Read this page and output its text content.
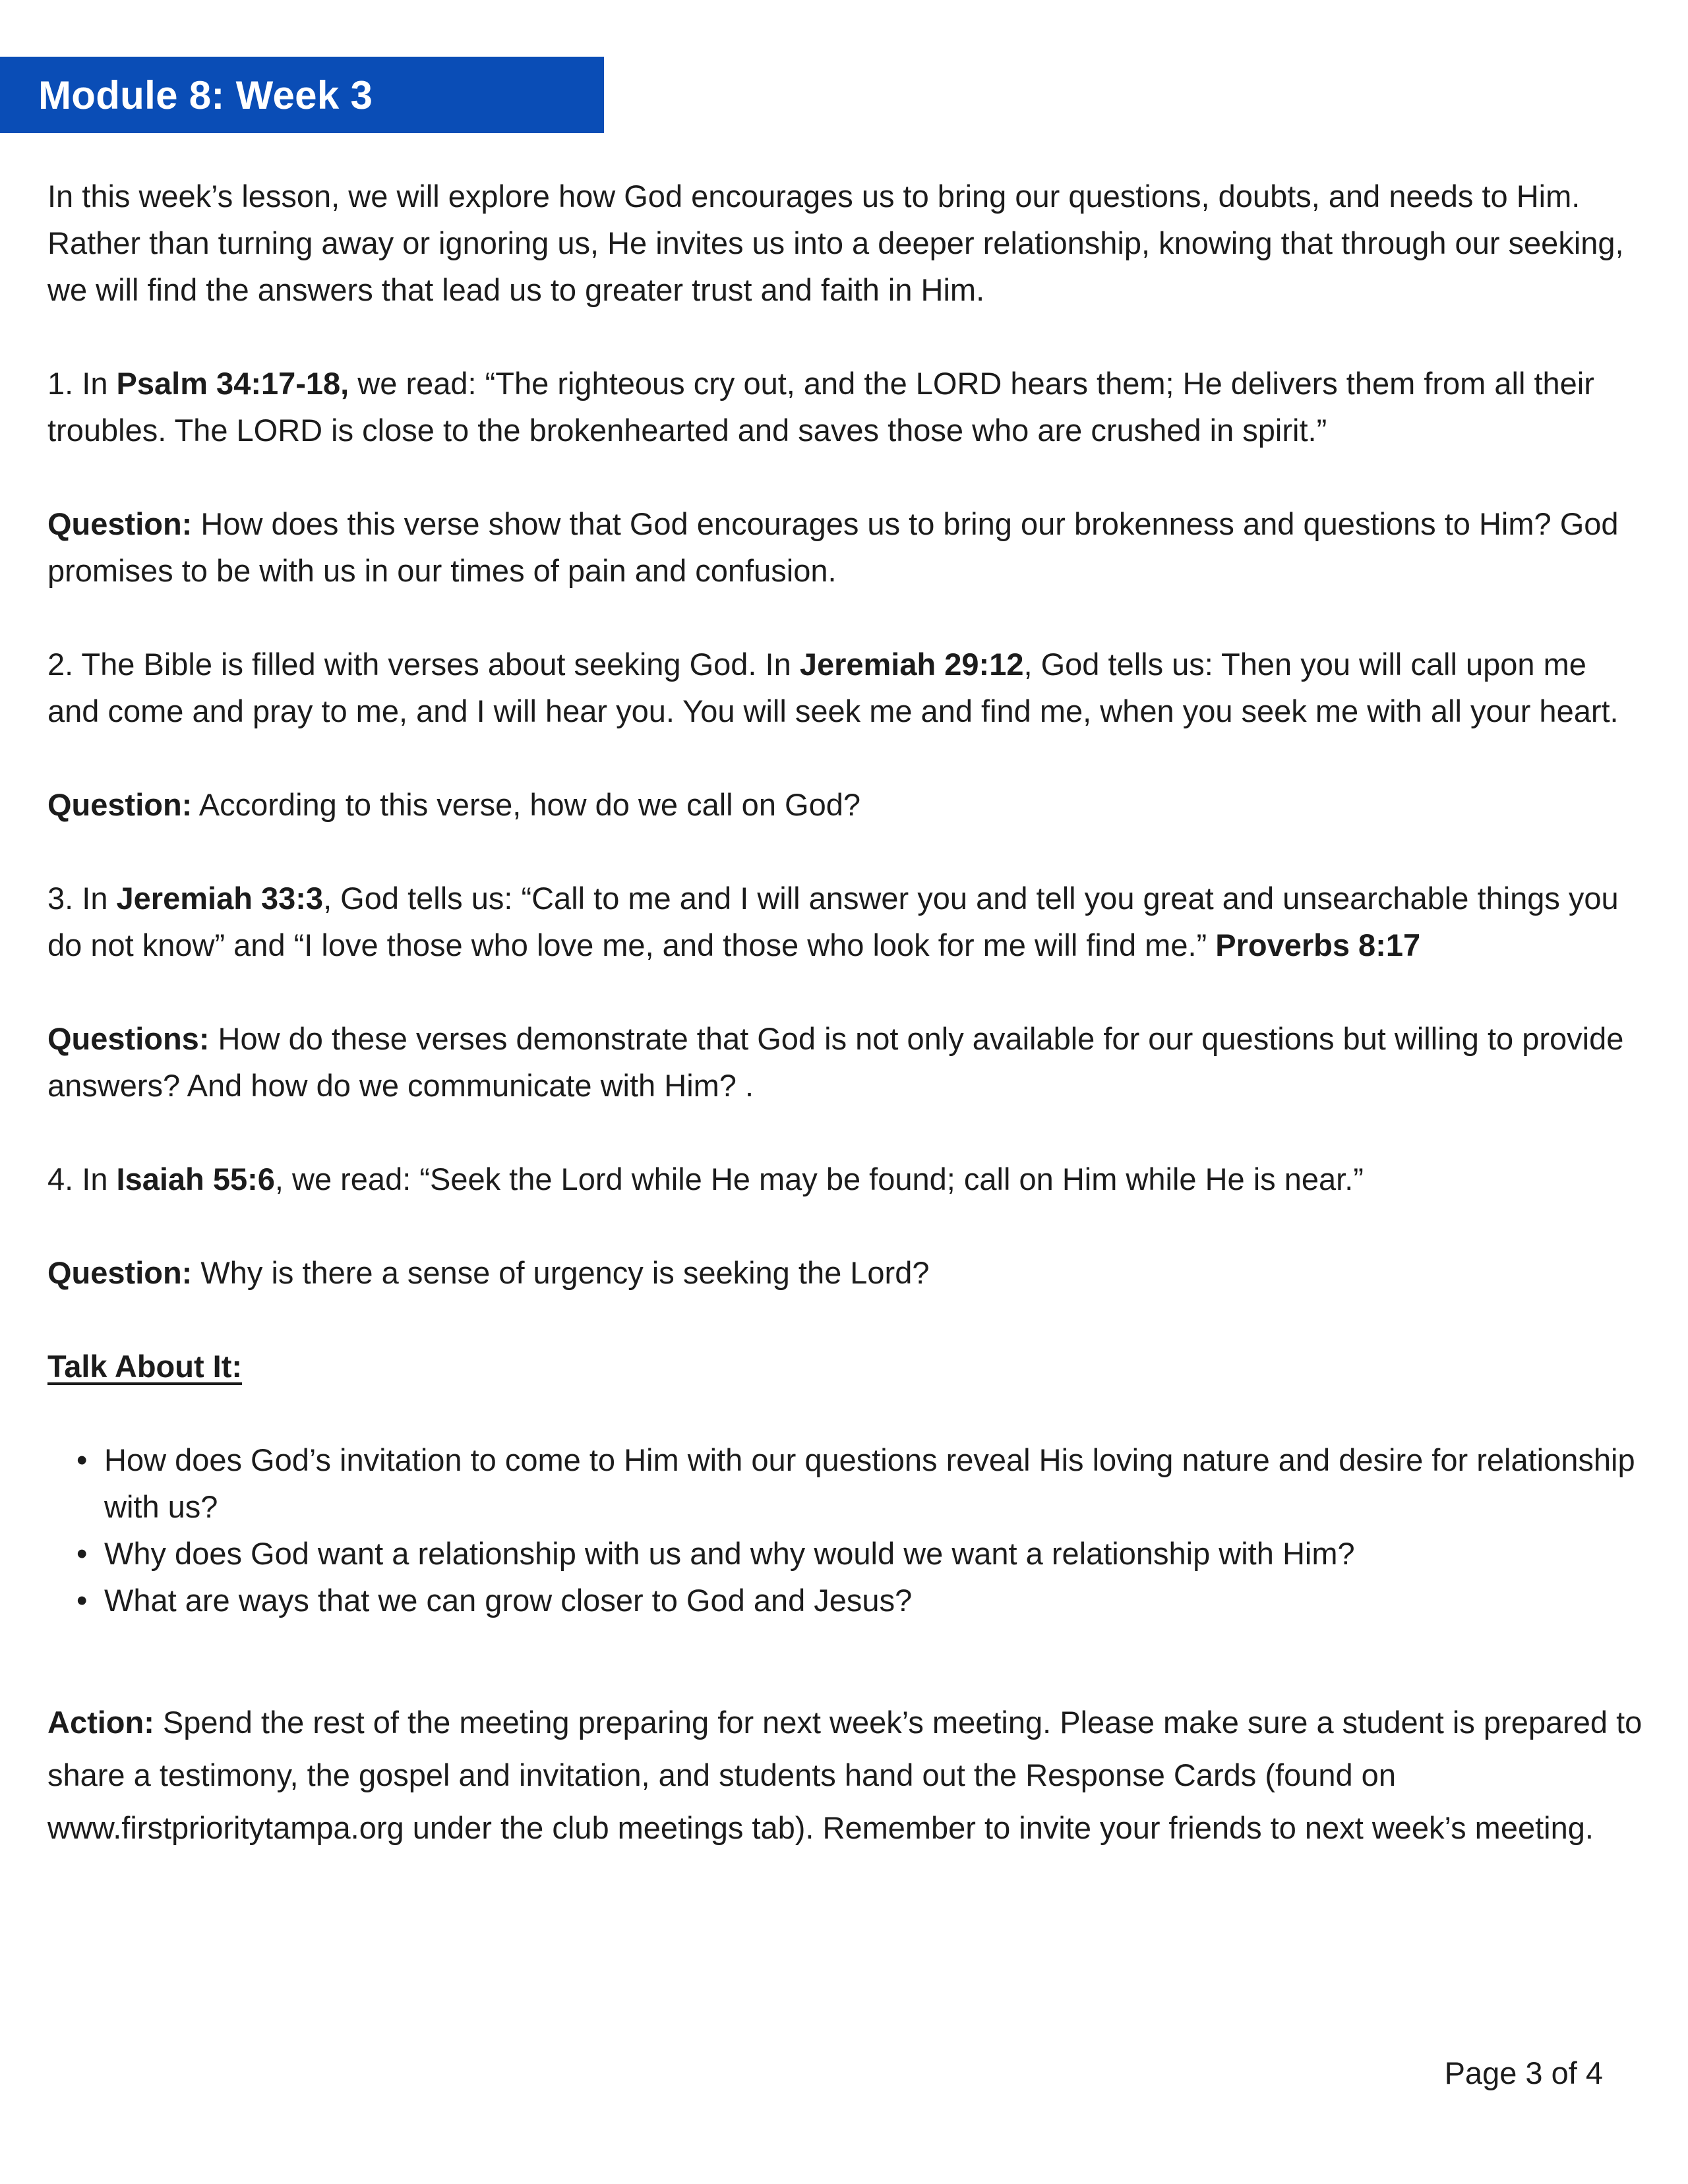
Module 8: Week 3

In this week’s lesson, we will explore how God encourages us to bring our questions, doubts, and needs to Him. Rather than turning away or ignoring us, He invites us into a deeper relationship, knowing that through our seeking, we will find the answers that lead us to greater trust and faith in Him.

1. In Psalm 34:17-18, we read: “The righteous cry out, and the LORD hears them; He delivers them from all their troubles. The LORD is close to the brokenhearted and saves those who are crushed in spirit.”

Question: How does this verse show that God encourages us to bring our brokenness and questions to Him? God promises to be with us in our times of pain and confusion.

2. The Bible is filled with verses about seeking God. In Jeremiah 29:12, God tells us: Then you will call upon me and come and pray to me, and I will hear you. You will seek me and find me, when you seek me with all your heart.

Question: According to this verse, how do we call on God?

3. In Jeremiah 33:3, God tells us: “Call to me and I will answer you and tell you great and unsearchable things you do not know” and “I love those who love me, and those who look for me will find me.” Proverbs 8:17

Questions: How do these verses demonstrate that God is not only available for our questions but willing to provide answers? And how do we communicate with Him? .

4. In Isaiah 55:6, we read: “Seek the Lord while He may be found; call on Him while He is near.”

Question: Why is there a sense of urgency is seeking the Lord?

Talk About It:
• How does God’s invitation to come to Him with our questions reveal His loving nature and desire for relationship with us?
• Why does God want a relationship with us and why would we want a relationship with Him?
• What are ways that we can grow closer to God and Jesus?

Action: Spend the rest of the meeting preparing for next week’s meeting. Please make sure a student is prepared to share a testimony, the gospel and invitation, and students hand out the Response Cards (found on www.firstprioritytampa.org under the club meetings tab). Remember to invite your friends to next week’s meeting.

Page 3 of 4
